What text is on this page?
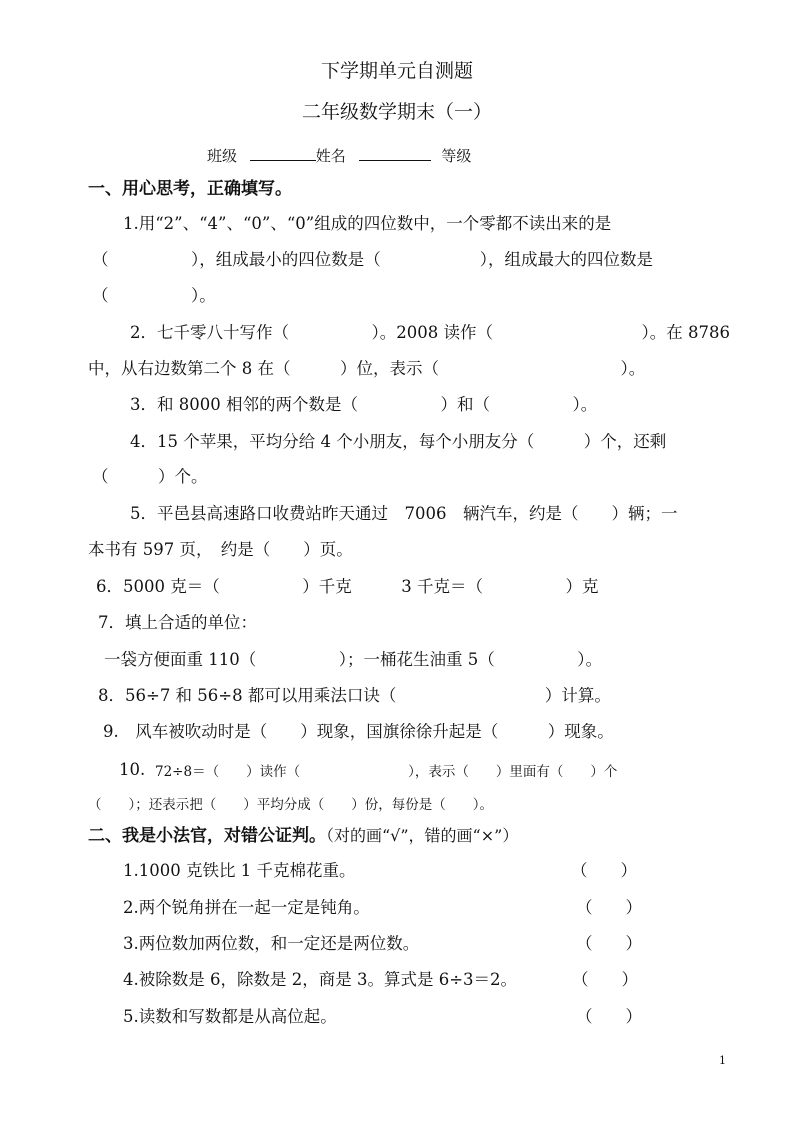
下学期单元自测题
二年级数学期末（一）
班级	姓名	等级
一、用心思考，正确填写。
1.用“2”、“4”、“0”、“0”组成的四位数中，一个零都不读出来的是
（　　　　　），组成最小的四位数是（　　　　　　），组成最大的四位数是
（　　　　　）。
2．七千零八十写作（　　　　　）。2008 读作（　　　　　　　　　）。在 8786
中，从右边数第二个 8 在（　　　）位，表示（　　　　　　　　　　　）。
3．和 8000 相邻的两个数是（　　　　　）和（　　　　　）。
4．15 个苹果，平均分给 4 个小朋友，每个小朋友分（　　　）个，还剩
（　　　）个。
5．平邑县高速路口收费站昨天通过　7006　辆汽车，约是（　　）辆；一
本书有 597 页，　约是（　　）页。
6．5000 克＝（　　　　　）千克　　　3 千克＝（　　　　　）克
7．填上合适的单位：
一袋方便面重 110（　　　　　）；一桶花生油重 5（　　　　　）。
8．56÷7 和 56÷8 都可以用乘法口诀（　　　　　　　　　）计算。
9.　风车被吹动时是（　　）现象，国旗徐徐升起是（　　　）现象。
10. 72÷8＝（　　）读作（　　　　　　　　），表示（　　）里面有（　　）个
（　　）；还表示把（　　）平均分成（　　）份，每份是（　　）。
二、我是小法官，对错公证判。（对的画“√”，错的画“×”）
1.1000 克铁比 1 千克棉花重。	（　　）
2.两个锐角拼在一起一定是钝角。	（　　）
3.两位数加两位数，和一定还是两位数。	（　　）
4.被除数是 6，除数是 2，商是 3。算式是 6÷3＝2。	（　　）
5.读数和写数都是从高位起。	（　　）
1
